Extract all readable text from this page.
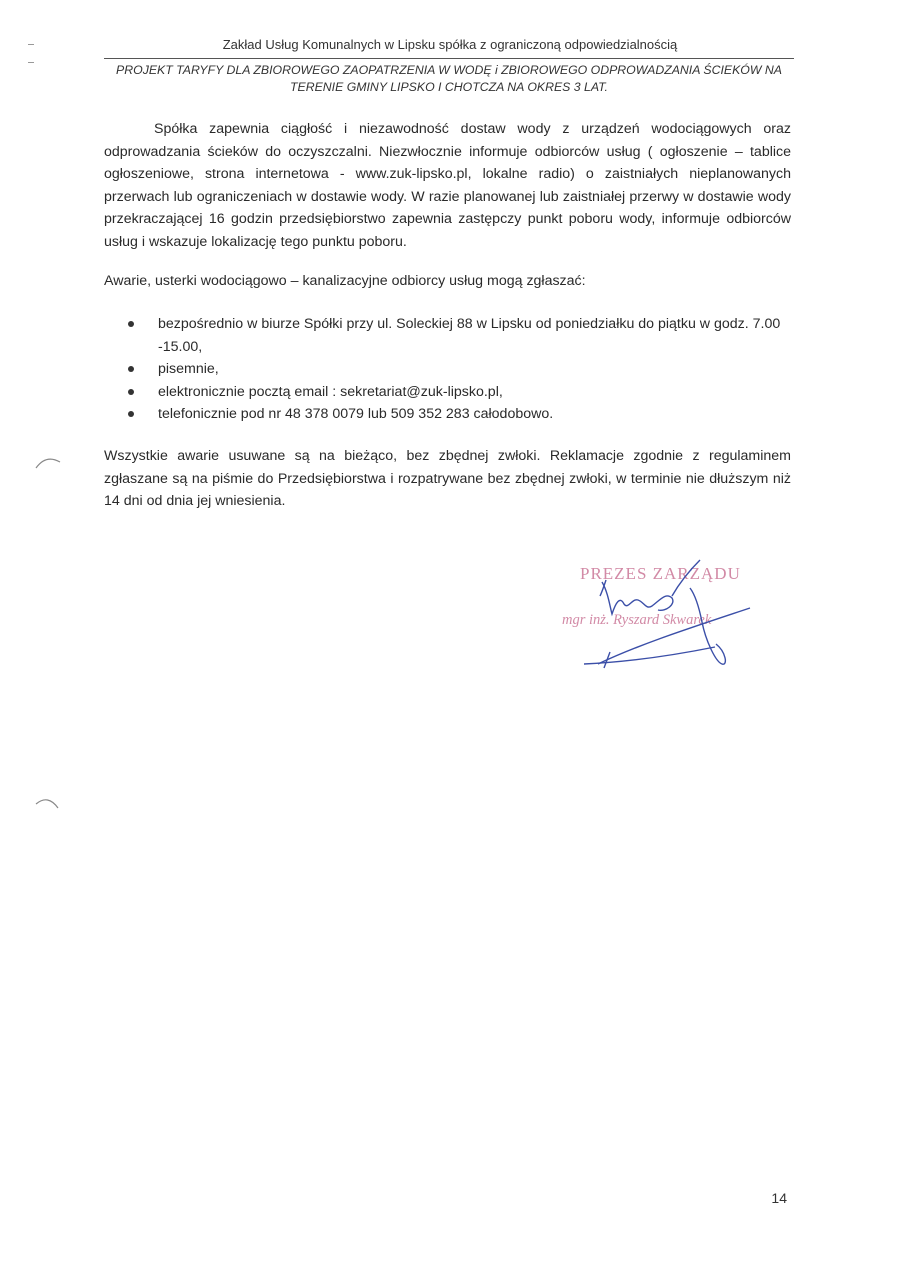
Zakład Usług Komunalnych w Lipsku spółka z ograniczoną odpowiedzialnością
PROJEKT TARYFY DLA ZBIOROWEGO ZAOPATRZENIA W WODĘ i ZBIOROWEGO ODPROWADZANIA ŚCIEKÓW NA
TERENIE GMINY LIPSKO I CHOTCZA NA OKRES 3 LAT.
Spółka zapewnia ciągłość i niezawodność dostaw wody z urządzeń wodociągowych oraz odprowadzania ścieków do oczyszczalni. Niezwłocznie informuje odbiorców usług ( ogłoszenie – tablice ogłoszeniowe, strona internetowa - www.zuk-lipsko.pl, lokalne radio) o zaistniałych nieplanowanych przerwach lub ograniczeniach w dostawie wody. W razie planowanej lub zaistniałej przerwy w dostawie wody przekraczającej 16 godzin przedsiębiorstwo zapewnia zastępczy punkt poboru wody, informuje odbiorców usług i wskazuje lokalizację tego punktu poboru.
Awarie, usterki wodociągowo – kanalizacyjne odbiorcy usług mogą zgłaszać:
bezpośrednio w biurze Spółki przy ul. Soleckiej 88 w Lipsku od poniedziałku do piątku w godz. 7.00 -15.00,
pisemnie,
elektronicznie pocztą email : sekretariat@zuk-lipsko.pl,
telefonicznie pod nr 48 378 0079 lub 509 352 283 całodobowo.
Wszystkie awarie usuwane są na bieżąco, bez zbędnej zwłoki. Reklamacje zgodnie z regulaminem zgłaszane są na piśmie do Przedsiębiorstwa i rozpatrywane bez zbędnej zwłoki, w terminie nie dłuższym niż 14 dni od dnia jej wniesienia.
PREZES ZARZĄDU
mgr inż. Ryszard Skwarek
14
